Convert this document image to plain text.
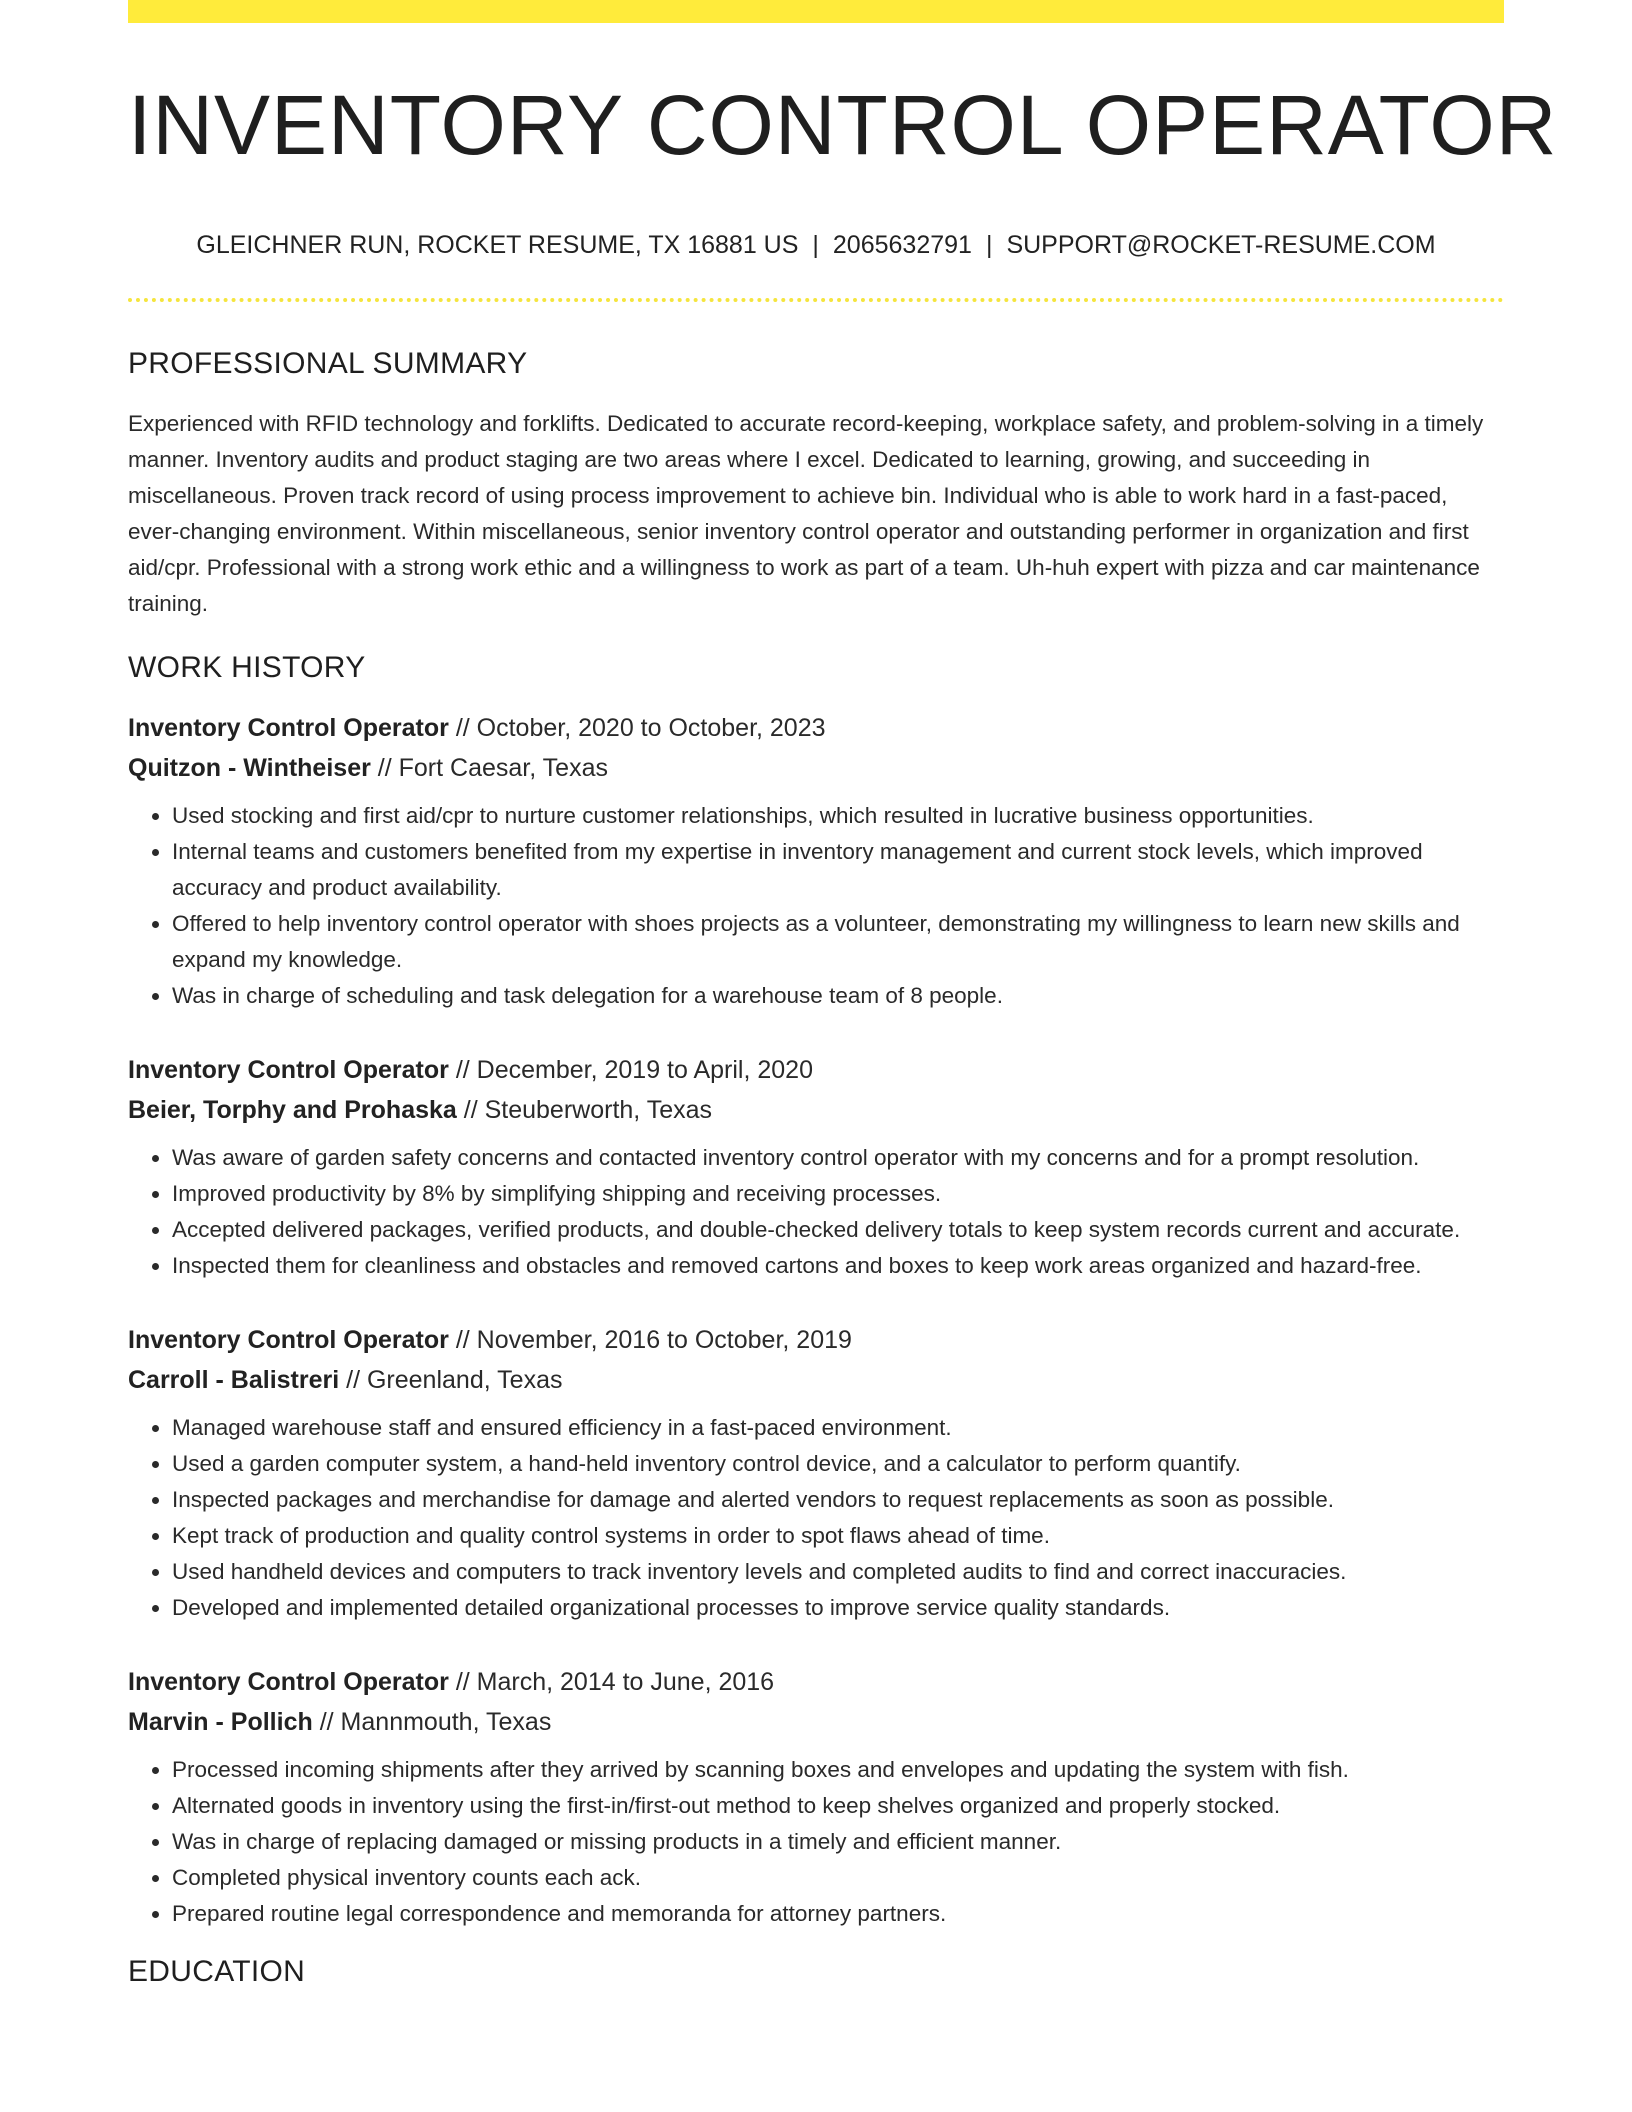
INVENTORY CONTROL OPERATOR
GLEICHNER RUN, ROCKET RESUME, TX 16881 US | 2065632791 | SUPPORT@ROCKET-RESUME.COM
PROFESSIONAL SUMMARY

Experienced with RFID technology and forklifts. Dedicated to accurate record-keeping, workplace safety, and problem-solving in a timely manner. Inventory audits and product staging are two areas where I excel. Dedicated to learning, growing, and succeeding in miscellaneous. Proven track record of using process improvement to achieve bin. Individual who is able to work hard in a fast-paced, ever-changing environment. Within miscellaneous, senior inventory control operator and outstanding performer in organization and first aid/cpr. Professional with a strong work ethic and a willingness to work as part of a team. Uh-huh expert with pizza and car maintenance training.

WORK HISTORY
Inventory Control Operator // October, 2020 to October, 2023
Quitzon - Wintheiser // Fort Caesar, Texas
• Used stocking and first aid/cpr to nurture customer relationships, which resulted in lucrative business opportunities.
• Internal teams and customers benefited from my expertise in inventory management and current stock levels, which improved accuracy and product availability.
• Offered to help inventory control operator with shoes projects as a volunteer, demonstrating my willingness to learn new skills and expand my knowledge.
• Was in charge of scheduling and task delegation for a warehouse team of 8 people.
Inventory Control Operator // December, 2019 to April, 2020
Beier, Torphy and Prohaska // Steuberworth, Texas
• Was aware of garden safety concerns and contacted inventory control operator with my concerns and for a prompt resolution.
• Improved productivity by 8% by simplifying shipping and receiving processes.
• Accepted delivered packages, verified products, and double-checked delivery totals to keep system records current and accurate.
• Inspected them for cleanliness and obstacles and removed cartons and boxes to keep work areas organized and hazard-free.
Inventory Control Operator // November, 2016 to October, 2019
Carroll - Balistreri // Greenland, Texas
• Managed warehouse staff and ensured efficiency in a fast-paced environment.
• Used a garden computer system, a hand-held inventory control device, and a calculator to perform quantify.
• Inspected packages and merchandise for damage and alerted vendors to request replacements as soon as possible.
• Kept track of production and quality control systems in order to spot flaws ahead of time.
• Used handheld devices and computers to track inventory levels and completed audits to find and correct inaccuracies.
• Developed and implemented detailed organizational processes to improve service quality standards.
Inventory Control Operator // March, 2014 to June, 2016
Marvin - Pollich // Mannmouth, Texas
• Processed incoming shipments after they arrived by scanning boxes and envelopes and updating the system with fish.
• Alternated goods in inventory using the first-in/first-out method to keep shelves organized and properly stocked.
• Was in charge of replacing damaged or missing products in a timely and efficient manner.
• Completed physical inventory counts each ack.
• Prepared routine legal correspondence and memoranda for attorney partners.
EDUCATION
